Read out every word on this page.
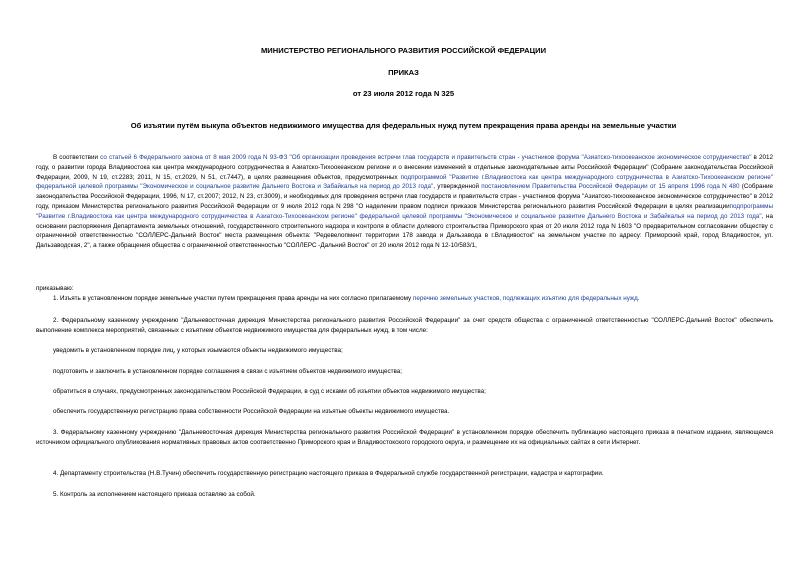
МИНИСТЕРСТВО РЕГИОНАЛЬНОГО РАЗВИТИЯ РОССИЙСКОЙ ФЕДЕРАЦИИ

ПРИКАЗ

от 23 июля 2012 года N 325

Об изъятии путём выкупа объектов недвижимого имущества для федеральных нужд путем прекращения права аренды на земельные участки

В соответствии со статьей 6 Федерального закона от 8 мая 2009 года N 93-ФЗ "Об организации проведения встречи глав государств и правительств стран - участников форума "Азиатско-тихоокеанское экономическое сотрудничество" в 2012 году, о развитии города Владивостока как центра международного сотрудничества в Азиатско-Тихоокеанском регионе и о внесении изменений в отдельные законодательные акты Российской Федерации" (Собрание законодательства Российской Федерации, 2009, N 19, ст.2283; 2011, N 15, ст.2029, N 51, ст.7447), в целях размещения объектов, предусмотренных подпрограммой "Развитие г.Владивостока как центра международного сотрудничества в Азиатско-Тихоокеанском регионе" федеральной целевой программы "Экономическое и социальное развитие Дальнего Востока и Забайкалья на период до 2013 года", утвержденной постановлением Правительства Российской Федерации от 15 апреля 1996 года N 480 (Собрание законодательства Российской Федерации, 1996, N 17, ст.2007; 2012, N 23, ст.3009), и необходимых для проведения встречи глав государств и правительств стран - участников форума "Азиатско-тихоокеанское экономическое сотрудничество" в 2012 году, приказом Министерства регионального развития Российской Федерации от 9 июля 2012 года N 298 "О наделении правом подписи приказов Министерства регионального развития Российской Федерации в целях реализацииподпрограммы "Развитие г.Владивостока как центра международного сотрудничества в Азиатско-Тихоокеанском регионе" федеральной целевой программы "Экономическое и социальное развитие Дальнего Востока и Забайкалья на период до 2013 года", на основании распоряжения Департамента земельных отношений, государственного строительного надзора и контроля в области долевого строительства Приморского края от 20 июля 2012 года N 1603 "О предварительном согласовании обществу с ограниченной ответственностью "СОЛЛЕРС-Дальний Восток" места размещения объекта: "Редевелопмент территории 178 завода и Дальзавода в г.Владивосток" на земельном участке по адресу: Приморский край, город Владивосток, ул. Дальзаводская, 2", а также обращения общества с ограниченной ответственностью "СОЛЛЕРС -Дальний Восток" от 20 июля 2012 года N 12-10/583/1,

приказываю:

1. Изъять в установленном порядке земельные участки путем прекращения права аренды на них согласно прилагаемому перечню земельных участков, подлежащих изъятию для федеральных нужд.

2. Федеральному казенному учреждению "Дальневосточная дирекция Министерства регионального развития Российской Федерации" за счет средств общества с ограниченной ответственностью "СОЛЛЕРС-Дальний Восток" обеспечить выполнение комплекса мероприятий, связанных с изъятием объектов недвижимого имущества для федеральных нужд, в том числе:

уведомить в установленном порядке лиц, у которых изымаются объекты недвижимого имущества;

подготовить и заключить в установленном порядке соглашения в связи с изъятием объектов недвижимого имущества;

обратиться в случаях, предусмотренных законодательством Российской Федерации, в суд с исками об изъятии объектов недвижимого имущества;

обеспечить государственную регистрацию права собственности Российской Федерации на изъятые объекты недвижимого имущества.

3. Федеральному казенному учреждению "Дальневосточная дирекция Министерства регионального развития Российской Федерации" в установленном порядке обеспечить публикацию настоящего приказа в печатном издании, являющемся источником официального опубликования нормативных правовых актов соответственно Приморского края и Владивостокского городского округа, и размещение их на официальных сайтах в сети Интернет.

4. Департаменту строительства (Н.В.Тучин) обеспечить государственную регистрацию настоящего приказа в Федеральной службе государственной регистрации, кадастра и картографии.

5. Контроль за исполнением настоящего приказа оставляю за собой.
